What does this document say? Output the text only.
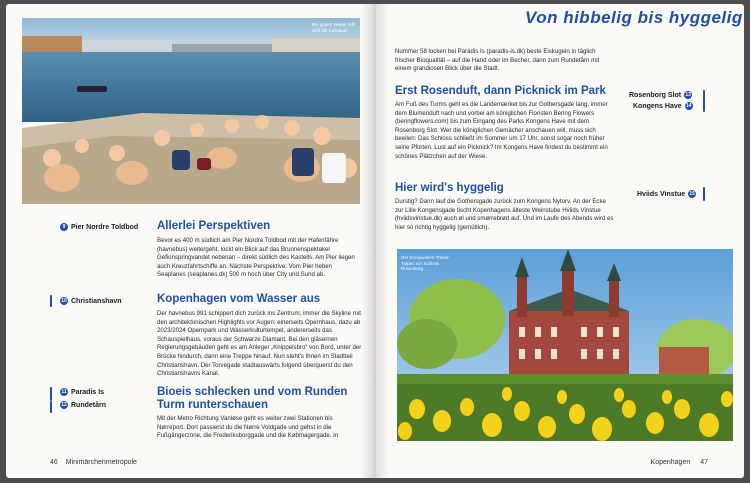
Bei gutem Wetter füllt sich die Kaimauer
9 Pier Nordre Toldbod Allerlei Perspektiven

Bevor es 400 m südlich am Pier Nordre Toldbod mit der Hafenfähre (havnebus) weitergeht, lockt ein Blick auf das Brunnenspektakel Gefionspringvandet nebenan – direkt südlich des Kastells. Am Pier liegen auch Kreuzfahrtschiffe an. Nächste Perspektive: Vom Pier heben Seaplanes (seaplanes.dk) 500 m hoch über City und Sund ab.

10 Christianshavn	Kopenhagen vom Wasser aus

Der havnebus 991 schippert dich zurück ins Zentrum; immer die Skyline mit den architektonischen Highlights vor Augen: einerseits Opernhaus, dazu ab 2023/2024 Opernpark und Wasserkulturtempel, andererseits das Schauspielhaus, voraus der Schwarze Diamant. Bei den gläsernen Regierungsgebäuden geht es am Anleger „Knippelsbro“ von Bord, unter der Brücke hindurch, dann eine Treppe hinauf. Nun steht's Ihnen im Stadtteil Christianshavn. Der Torvegade stadtauswärts folgend überquerst du den Christianshavns Kanal.

11 Paradis Is
12 Rundetårn
Bioeis schlecken und vom Runden Turm runterschauen

Mit der Metro Richtung Vanløse geht es weiter zwei Stationen bis Nørreport. Dort passierst du die Nørre Voldgade und gehst in die Fußgängerzone, die Frederiksborggade und die Købmagergade. In

46 Minimärchenmetropole
Von hibbelig bis hyggelig

Nummer 58 locken bei Paradis Is (paradis-is.dk) beste Eiskugeln in täglich frischer Bioqualität – auf die Hand oder im Becher, dann zum Rundetårn mit einem grandiosen Blick über die Stadt.

Erst Rosenduft, dann Picknick im Park

Am Fuß des Turms geht es die Landemærket bis zur Gothersgade lang, immer dem Blumenduft nach und vorbei am königlichen Floristen Bering Flowers (beringflowers.com) bis zum Eingang des Parks Kongens Have mit dem Rosenborg Slot. Wer die königlichen Gemächer anschauen will, muss sich beeilen: Das Schloss schließt im Sommer um 17 Uhr, sonst sogar noch früher seine Pforten. Lust auf ein Picknick? Im Kongens Have findest du bestimmt ein schönes Plätzchen auf der Wiese.

Rosenborg Slot 13
Kongens Have 14
Hier wird's hyggelig

Durstig? Dann lauf die Gothersgade zurück zum Kongens Nytorv. An der Ecke zur Lille Kongensgade tischt Kopenhagens älteste Weinstube Hviids Vinstue (hviidsvinstue.dk) auch øl und smørrebrød auf. Und im Laufe des Abends wird es hier so richtig hyggelig (gemütlich).

Hviids Vinstue 15
Der Kronjuwelen-Tresor: Tulpen vor Schloss Rosenborg
Kopenhagen 47
